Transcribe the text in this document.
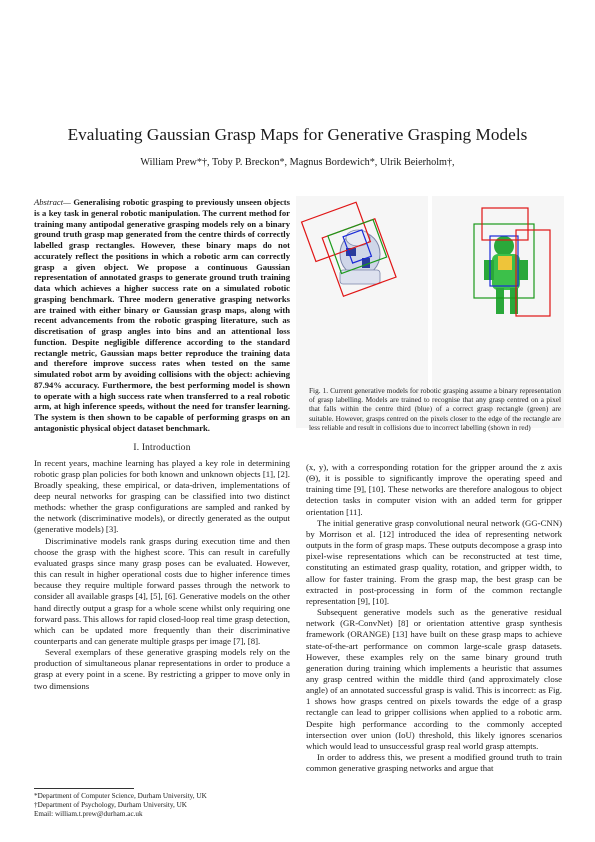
Evaluating Gaussian Grasp Maps for Generative Grasping Models
William Prew*†, Toby P. Breckon*, Magnus Bordewich*, Ulrik Beierholm†,

Abstract— Generalising robotic grasping to previously unseen objects is a key task in general robotic manipulation. The current method for training many antipodal generative grasping models rely on a binary ground truth grasp map generated from the centre thirds of correctly labelled grasp rectangles. However, these binary maps do not accurately reflect the positions in which a robotic arm can correctly grasp a given object. We propose a continuous Gaussian representation of annotated grasps to generate ground truth training data which achieves a higher success rate on a simulated robotic grasping benchmark. Three modern generative grasping networks are trained with either binary or Gaussian grasp maps, along with recent advancements from the robotic grasping literature, such as discretisation of grasp angles into bins and an attentional loss function. Despite negligible difference according to the standard rectangle metric, Gaussian maps better reproduce the training data and therefore improve success rates when tested on the same simulated robot arm by avoiding collisions with the object: achieving 87.94% accuracy. Furthermore, the best performing model is shown to operate with a high success rate when transferred to a real robotic arm, at high inference speeds, without the need for transfer learning. The system is then shown to be capable of performing grasps on an antagonistic physical object dataset benchmark.

I. Introduction

In recent years, machine learning has played a key role in determining robotic grasp plan policies for both known and unknown objects [1], [2]. Broadly speaking, these empirical, or data-driven, implementations of deep neural networks for grasping can be classified into two distinct methods: whether the grasp configurations are sampled and ranked by the network (discriminative models), or directly generated as the output (generative models) [3].

Discriminative models rank grasps during execution time and then choose the grasp with the highest score. This can result in carefully evaluated grasps since many grasp poses can be evaluated. However, this can result in higher operational costs due to higher inference times because they require multiple forward passes through the network to consider all available grasps [4], [5], [6]. Generative models on the other hand directly output a grasp for a whole scene whilst only requiring one forward pass. This allows for rapid closed-loop real time grasp detection, which can be updated more frequently than their discriminative counterparts and can generate multiple grasps per image [7], [8].

Several exemplars of these generative grasping models rely on the production of simultaneous planar representations in order to produce a grasp at every point in a scene. By restricting a gripper to move only in two dimensions

*Department of Computer Science, Durham University, UK
†Department of Psychology, Durham University, UK
Email: william.t.prew@durham.ac.uk
Fig. 1. Current generative models for robotic grasping assume a binary representation of grasp labelling. Models are trained to recognise that any grasp centred on a pixel that falls within the centre third (blue) of a correct grasp rectangle (green) are suitable. However, grasps centred on the pixels closer to the edge of the rectangle are less reliable and result in collisions due to incorrect labelling (shown in red)

(x, y), with a corresponding rotation for the gripper around the z axis (Θ), it is possible to significantly improve the operating speed and training time [9], [10]. These networks are therefore analogous to object detection tasks in computer vision with an added term for gripper orientation [11].

The initial generative grasp convolutional neural network (GG-CNN) by Morrison et al. [12] introduced the idea of representing network outputs in the form of grasp maps. These outputs decompose a grasp into pixel-wise representations which can be reconstructed at test time, constituting an estimated grasp quality, rotation, and gripper width, to allow for faster training. From the grasp map, the best grasp can be extracted in post-processing in form of the common rectangle representation [9], [10].

Subsequent generative models such as the generative residual network (GR-ConvNet) [8] or orientation attentive grasp synthesis framework (ORANGE) [13] have built on these grasp maps to achieve state-of-the-art performance on common large-scale grasp datasets. However, these examples rely on the same binary ground truth generation during training which implements a heuristic that assumes any grasp centred within the middle third (and approximately close angle) of an annotated successful grasp is valid. This is incorrect: as Fig. 1 shows how grasps centred on pixels towards the edge of a grasp rectangle can lead to gripper collisions when applied to a robotic arm. Despite high performance according to the commonly accepted intersection over union (IoU) threshold, this likely ignores scenarios which would lead to unsuccessful grasp real world grasp attempts.

In order to address this, we present a modified ground truth to train common generative grasping networks and argue that
